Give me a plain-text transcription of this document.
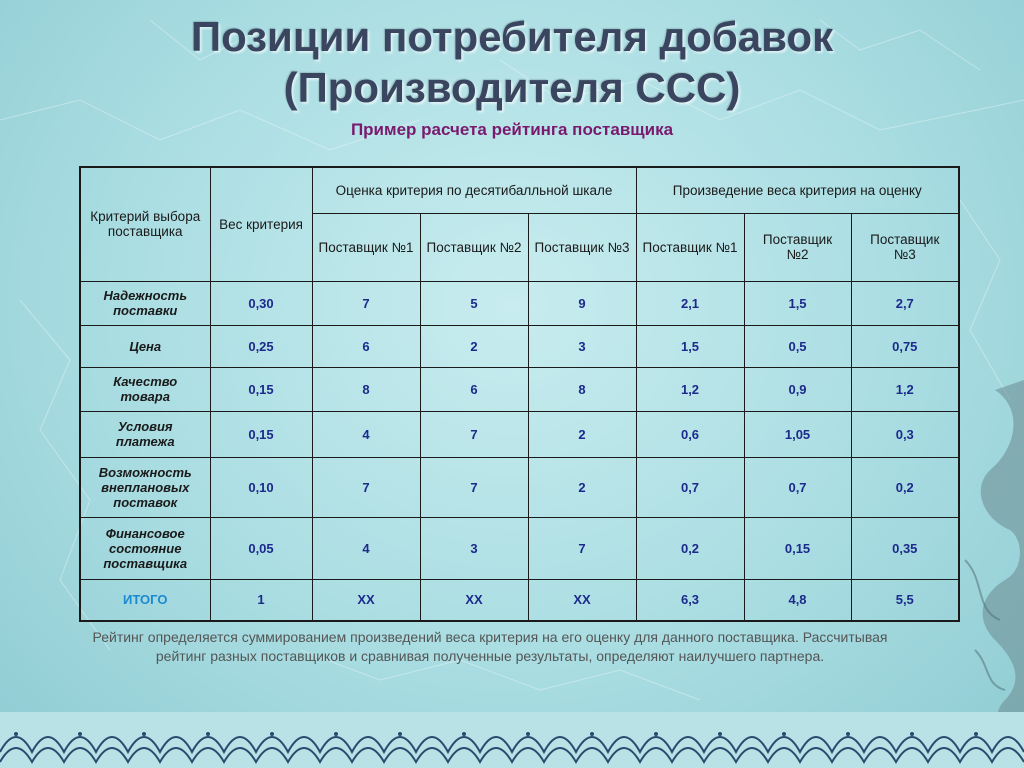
Позиции потребителя добавок
(Производителя ССС)
Пример расчета рейтинга поставщика
Критерий выбора поставщика	Вес критерия	Оценка критерия по десятибалльной шкале			Произведение веса критерия на оценку		
		Поставщик №1	Поставщик №2	Поставщик №3	Поставщик №1	Поставщик №2	Поставщик №3
Надежность поставки	0,30	7	5	9	2,1	1,5	2,7
Цена	0,25	6	2	3	1,5	0,5	0,75
Качество товара	0,15	8	6	8	1,2	0,9	1,2
Условия платежа	0,15	4	7	2	0,6	1,05	0,3
Возможность внеплановых поставок	0,10	7	7	2	0,7	0,7	0,2
Финансовое состояние поставщика	0,05	4	3	7	0,2	0,15	0,35
ИТОГО	1	ХХ	ХХ	ХХ	6,3	4,8	5,5
Рейтинг определяется суммированием произведений веса критерия на его оценку для данного поставщика. Рассчитывая рейтинг разных поставщиков и сравнивая полученные результаты, определяют наилучшего партнера.
